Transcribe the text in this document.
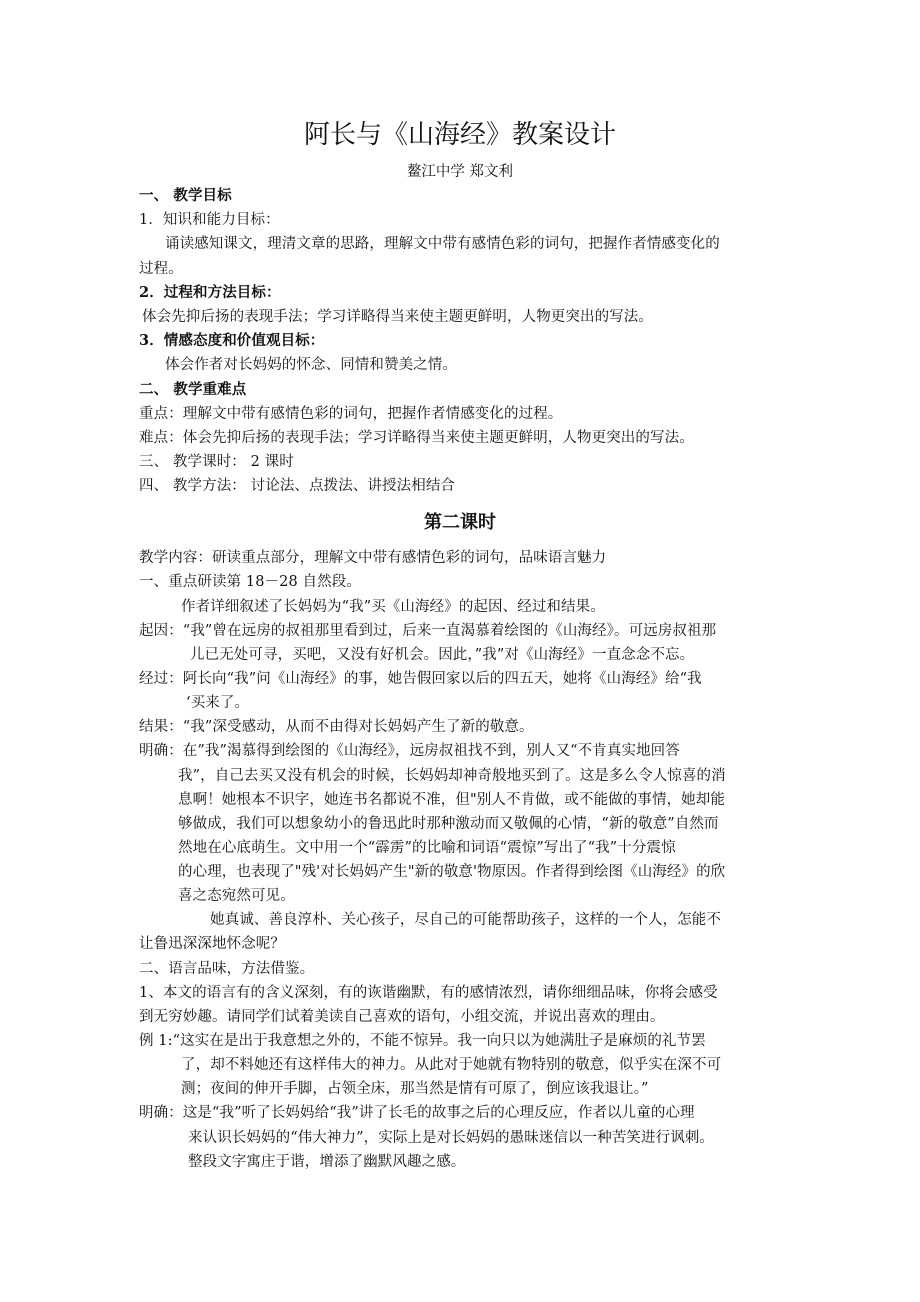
阿长与《山海经》教案设计
鳌江中学 郑文利
一、 教学目标
1．知识和能力目标：
诵读感知课文，理清文章的思路，理解文中带有感情色彩的词句，把握作者情感变化的
过程。
2．过程和方法目标：
体会先抑后扬的表现手法；学习详略得当来使主题更鲜明，人物更突出的写法。
3．情感态度和价值观目标：
体会作者对长妈妈的怀念、同情和赞美之情。
二、 教学重难点
重点：理解文中带有感情色彩的词句，把握作者情感变化的过程。
难点：体会先抑后扬的表现手法；学习详略得当来使主题更鲜明，人物更突出的写法。
三、 教学课时： 2 课时
四、 教学方法： 讨论法、点拨法、讲授法相结合
第二课时
教学内容：研读重点部分，理解文中带有感情色彩的词句，品味语言魅力
一、重点研读第 18－28 自然段。
作者详细叙述了长妈妈为“我”买《山海经》的起因、经过和结果。
起因：“我”曾在远房的叔祖那里看到过，后来一直渴慕着绘图的《山海经》。可远房叔祖那
儿已无处可寻，买吧，又没有好机会。因此，”我”对《山海经》一直念念不忘。
经过：阿长向“我”问《山海经》的事，她告假回家以后的四五天，她将《山海经》给“我
‘买来了。
结果：“我”深受感动，从而不由得对长妈妈产生了新的敬意。
明确：在”我”渴慕得到绘图的《山海经》，远房叔祖找不到，别人又“不肯真实地回答
我”，自己去买又没有机会的时候，长妈妈却神奇般地买到了。这是多么令人惊喜的消
息啊！她根本不识字，她连书名都说不准，但"别人不肯做，或不能做的事情，她却能
够做成，我们可以想象幼小的鲁迅此时那种激动而又敬佩的心情，“新的敬意”自然而
然地在心底萌生。文中用一个“霹雳”的比喻和词语“震惊”写出了“我”十分震惊
的心理，也表现了"残'对长妈妈产生"新的敬意'物原因。作者得到绘图《山海经》的欣
喜之态宛然可见。
她真诚、善良淳朴、关心孩子，尽自己的可能帮助孩子，这样的一个人，怎能不
让鲁迅深深地怀念呢？
二、语言品味，方法借鉴。
1、本文的语言有的含义深刻，有的诙谐幽默，有的感情浓烈，请你细细品味，你将会感受
到无穷妙趣。请同学们试着美读自己喜欢的语句，小组交流，并说出喜欢的理由。
例 1:“这实在是出于我意想之外的，不能不惊异。我一向只以为她满肚子是麻烦的礼节罢
了，却不料她还有这样伟大的神力。从此对于她就有物特别的敬意，似乎实在深不可
测；夜间的伸开手脚，占领全床，那当然是情有可原了，倒应该我退让。”
明确：这是“我”听了长妈妈给“我”讲了长毛的故事之后的心理反应，作者以儿童的心理
来认识长妈妈的“伟大神力”，实际上是对长妈妈的愚昧迷信以一种苦笑进行讽刺。
整段文字寓庄于谐，增添了幽默风趣之感。
